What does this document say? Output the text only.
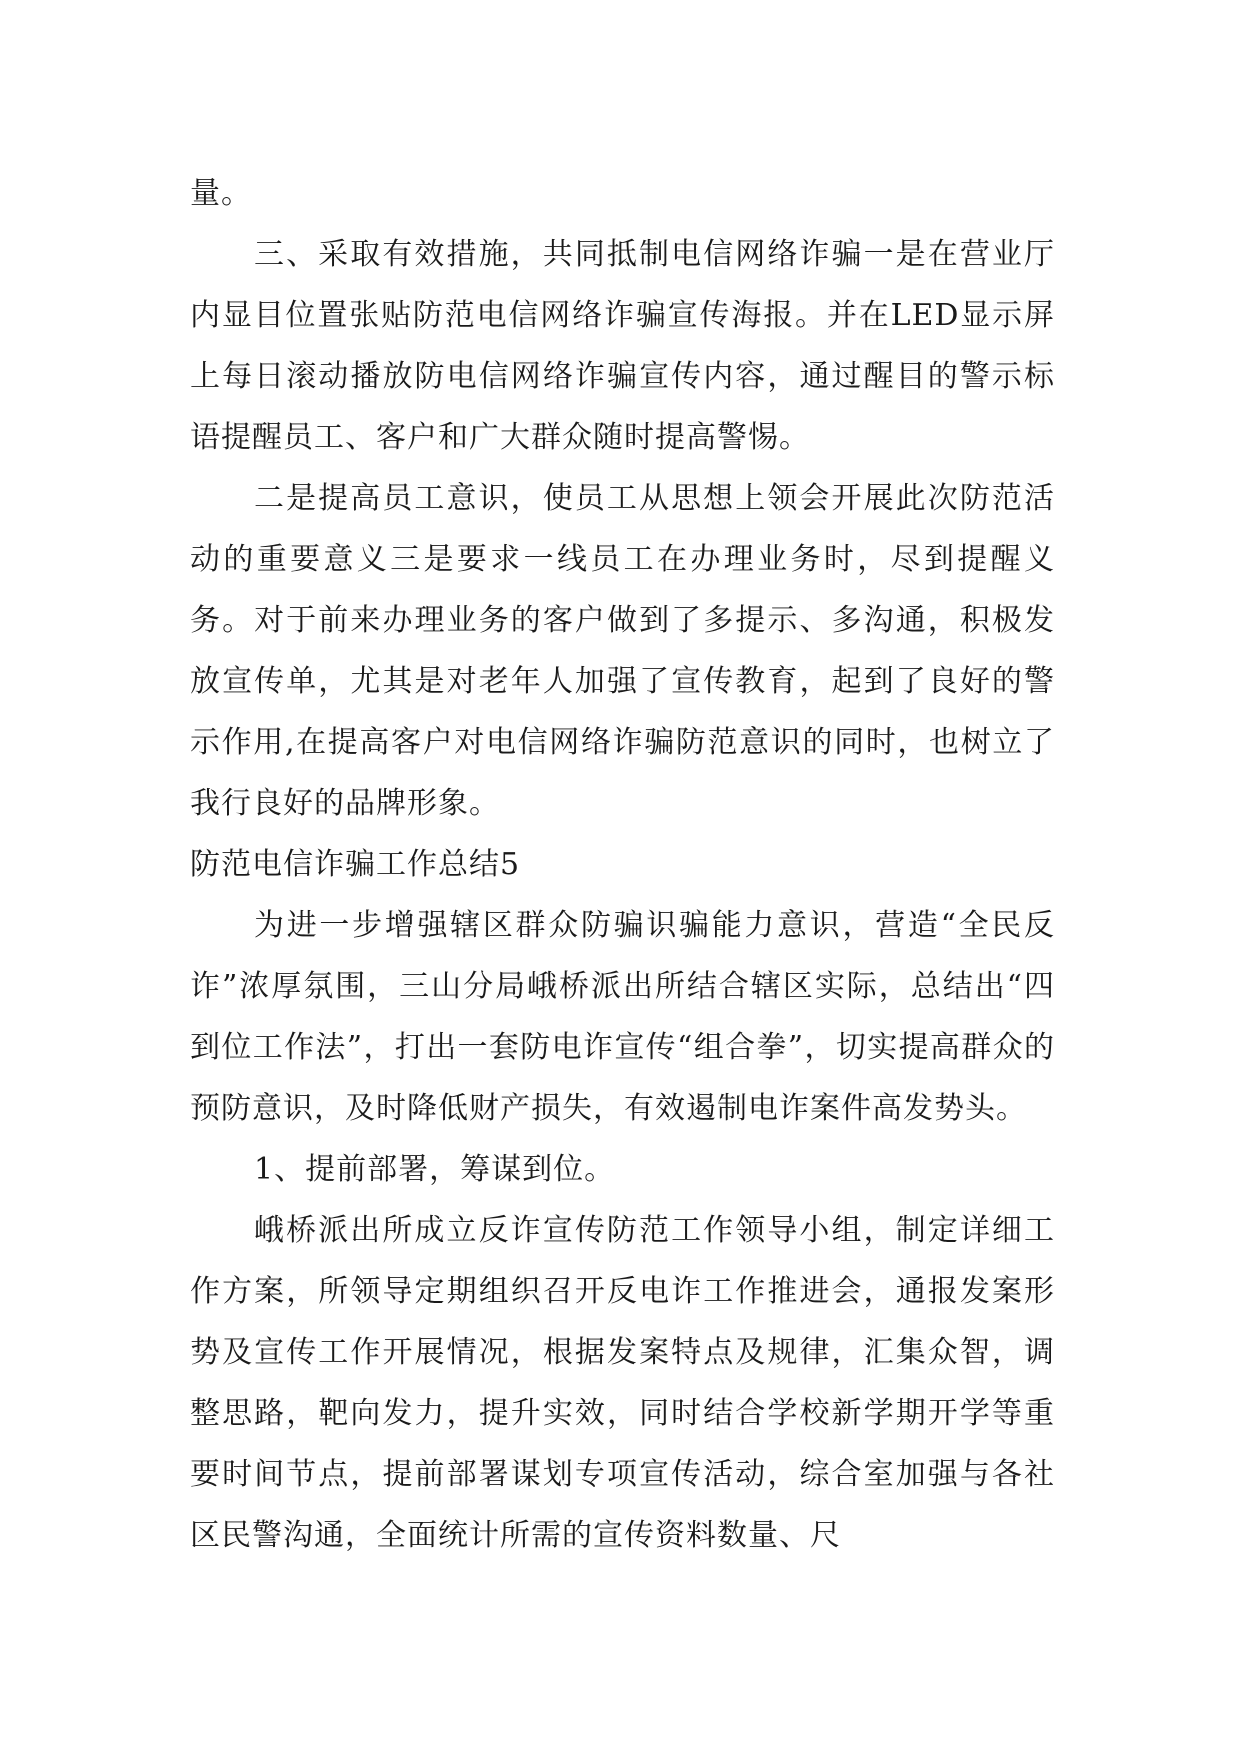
量。

三、采取有效措施，共同抵制电信网络诈骗一是在营业厅内显目位置张贴防范电信网络诈骗宣传海报。并在LED显示屏上每日滚动播放防电信网络诈骗宣传内容，通过醒目的警示标语提醒员工、客户和广大群众随时提高警惕。

二是提高员工意识，使员工从思想上领会开展此次防范活动的重要意义三是要求一线员工在办理业务时，尽到提醒义务。对于前来办理业务的客户做到了多提示、多沟通，积极发放宣传单，尤其是对老年人加强了宣传教育，起到了良好的警示作用,在提高客户对电信网络诈骗防范意识的同时，也树立了我行良好的品牌形象。

防范电信诈骗工作总结5

为进一步增强辖区群众防骗识骗能力意识，营造“全民反诈”浓厚氛围，三山分局峨桥派出所结合辖区实际，总结出“四到位工作法”，打出一套防电诈宣传“组合拳”，切实提高群众的预防意识，及时降低财产损失，有效遏制电诈案件高发势头。

1、提前部署，筹谋到位。

峨桥派出所成立反诈宣传防范工作领导小组，制定详细工作方案，所领导定期组织召开反电诈工作推进会，通报发案形势及宣传工作开展情况，根据发案特点及规律，汇集众智，调整思路，靶向发力，提升实效，同时结合学校新学期开学等重要时间节点，提前部署谋划专项宣传活动，综合室加强与各社区民警沟通，全面统计所需的宣传资料数量、尺
